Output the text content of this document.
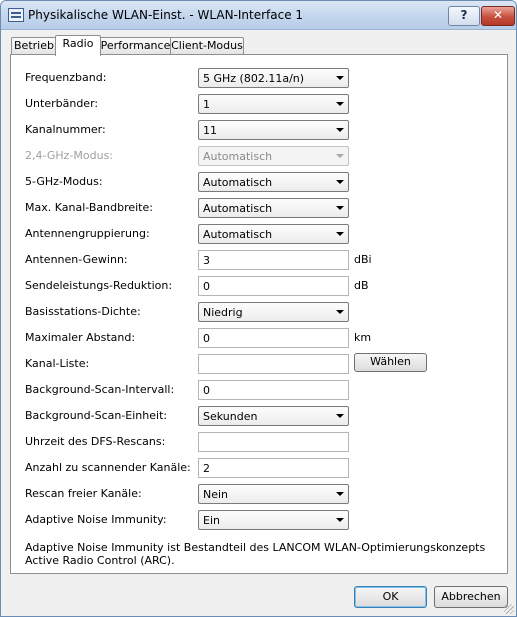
Physikalische WLAN-Einst. - WLAN-Interface 1	?	✕
Betrieb Radio Performance Client-Modus
Frequenzband:	5 GHz (802.11a/n)
Unterbänder:	1
Kanalnummer:	11
2,4-GHz-Modus:	Automatisch
5-GHz-Modus:	Automatisch
Max. Kanal-Bandbreite:	Automatisch
Antennengruppierung:	Automatisch
Antennen-Gewinn:	3	dBi
Sendeleistungs-Reduktion:	0	dB
Basisstations-Dichte:	Niedrig
Maximaler Abstand:	0	km
Kanal-Liste:	Wählen
Background-Scan-Intervall:	0
Background-Scan-Einheit:	Sekunden
Uhrzeit des DFS-Rescans:
Anzahl zu scannender Kanäle: 2
Rescan freier Kanäle:	Nein
Adaptive Noise Immunity:	Ein
Adaptive Noise Immunity ist Bestandteil des LANCOM WLAN-Optimierungskonzepts Active Radio Control (ARC).
OK	Abbrechen
